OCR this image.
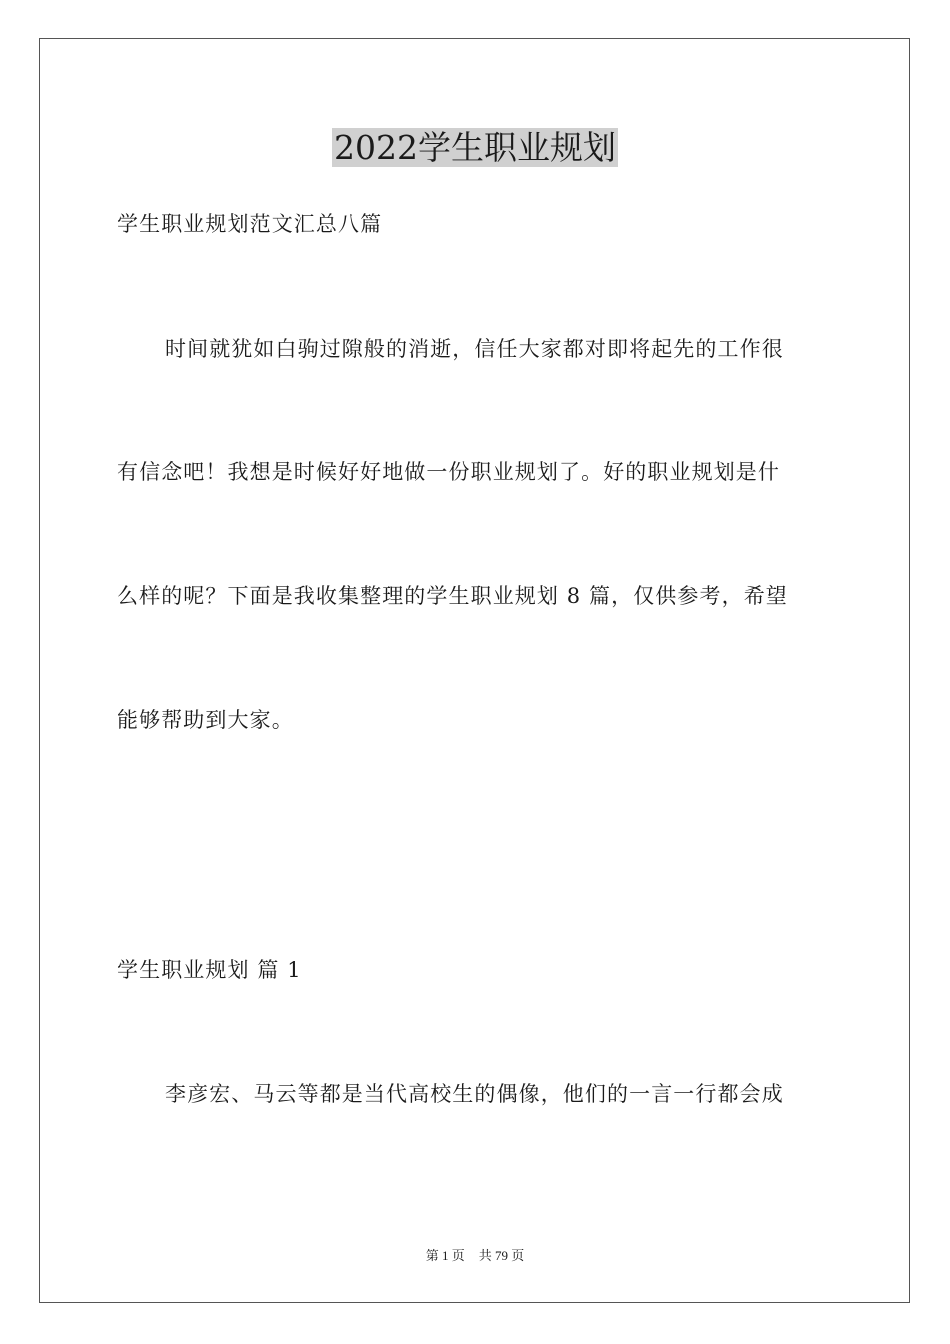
2022学生职业规划
学生职业规划范文汇总八篇
时间就犹如白驹过隙般的消逝，信任大家都对即将起先的工作很
有信念吧！我想是时候好好地做一份职业规划了。好的职业规划是什
么样的呢？下面是我收集整理的学生职业规划 8 篇，仅供参考，希望
能够帮助到大家。
学生职业规划 篇 1
李彦宏、马云等都是当代高校生的偶像，他们的一言一行都会成
第 1 页 共 79 页
